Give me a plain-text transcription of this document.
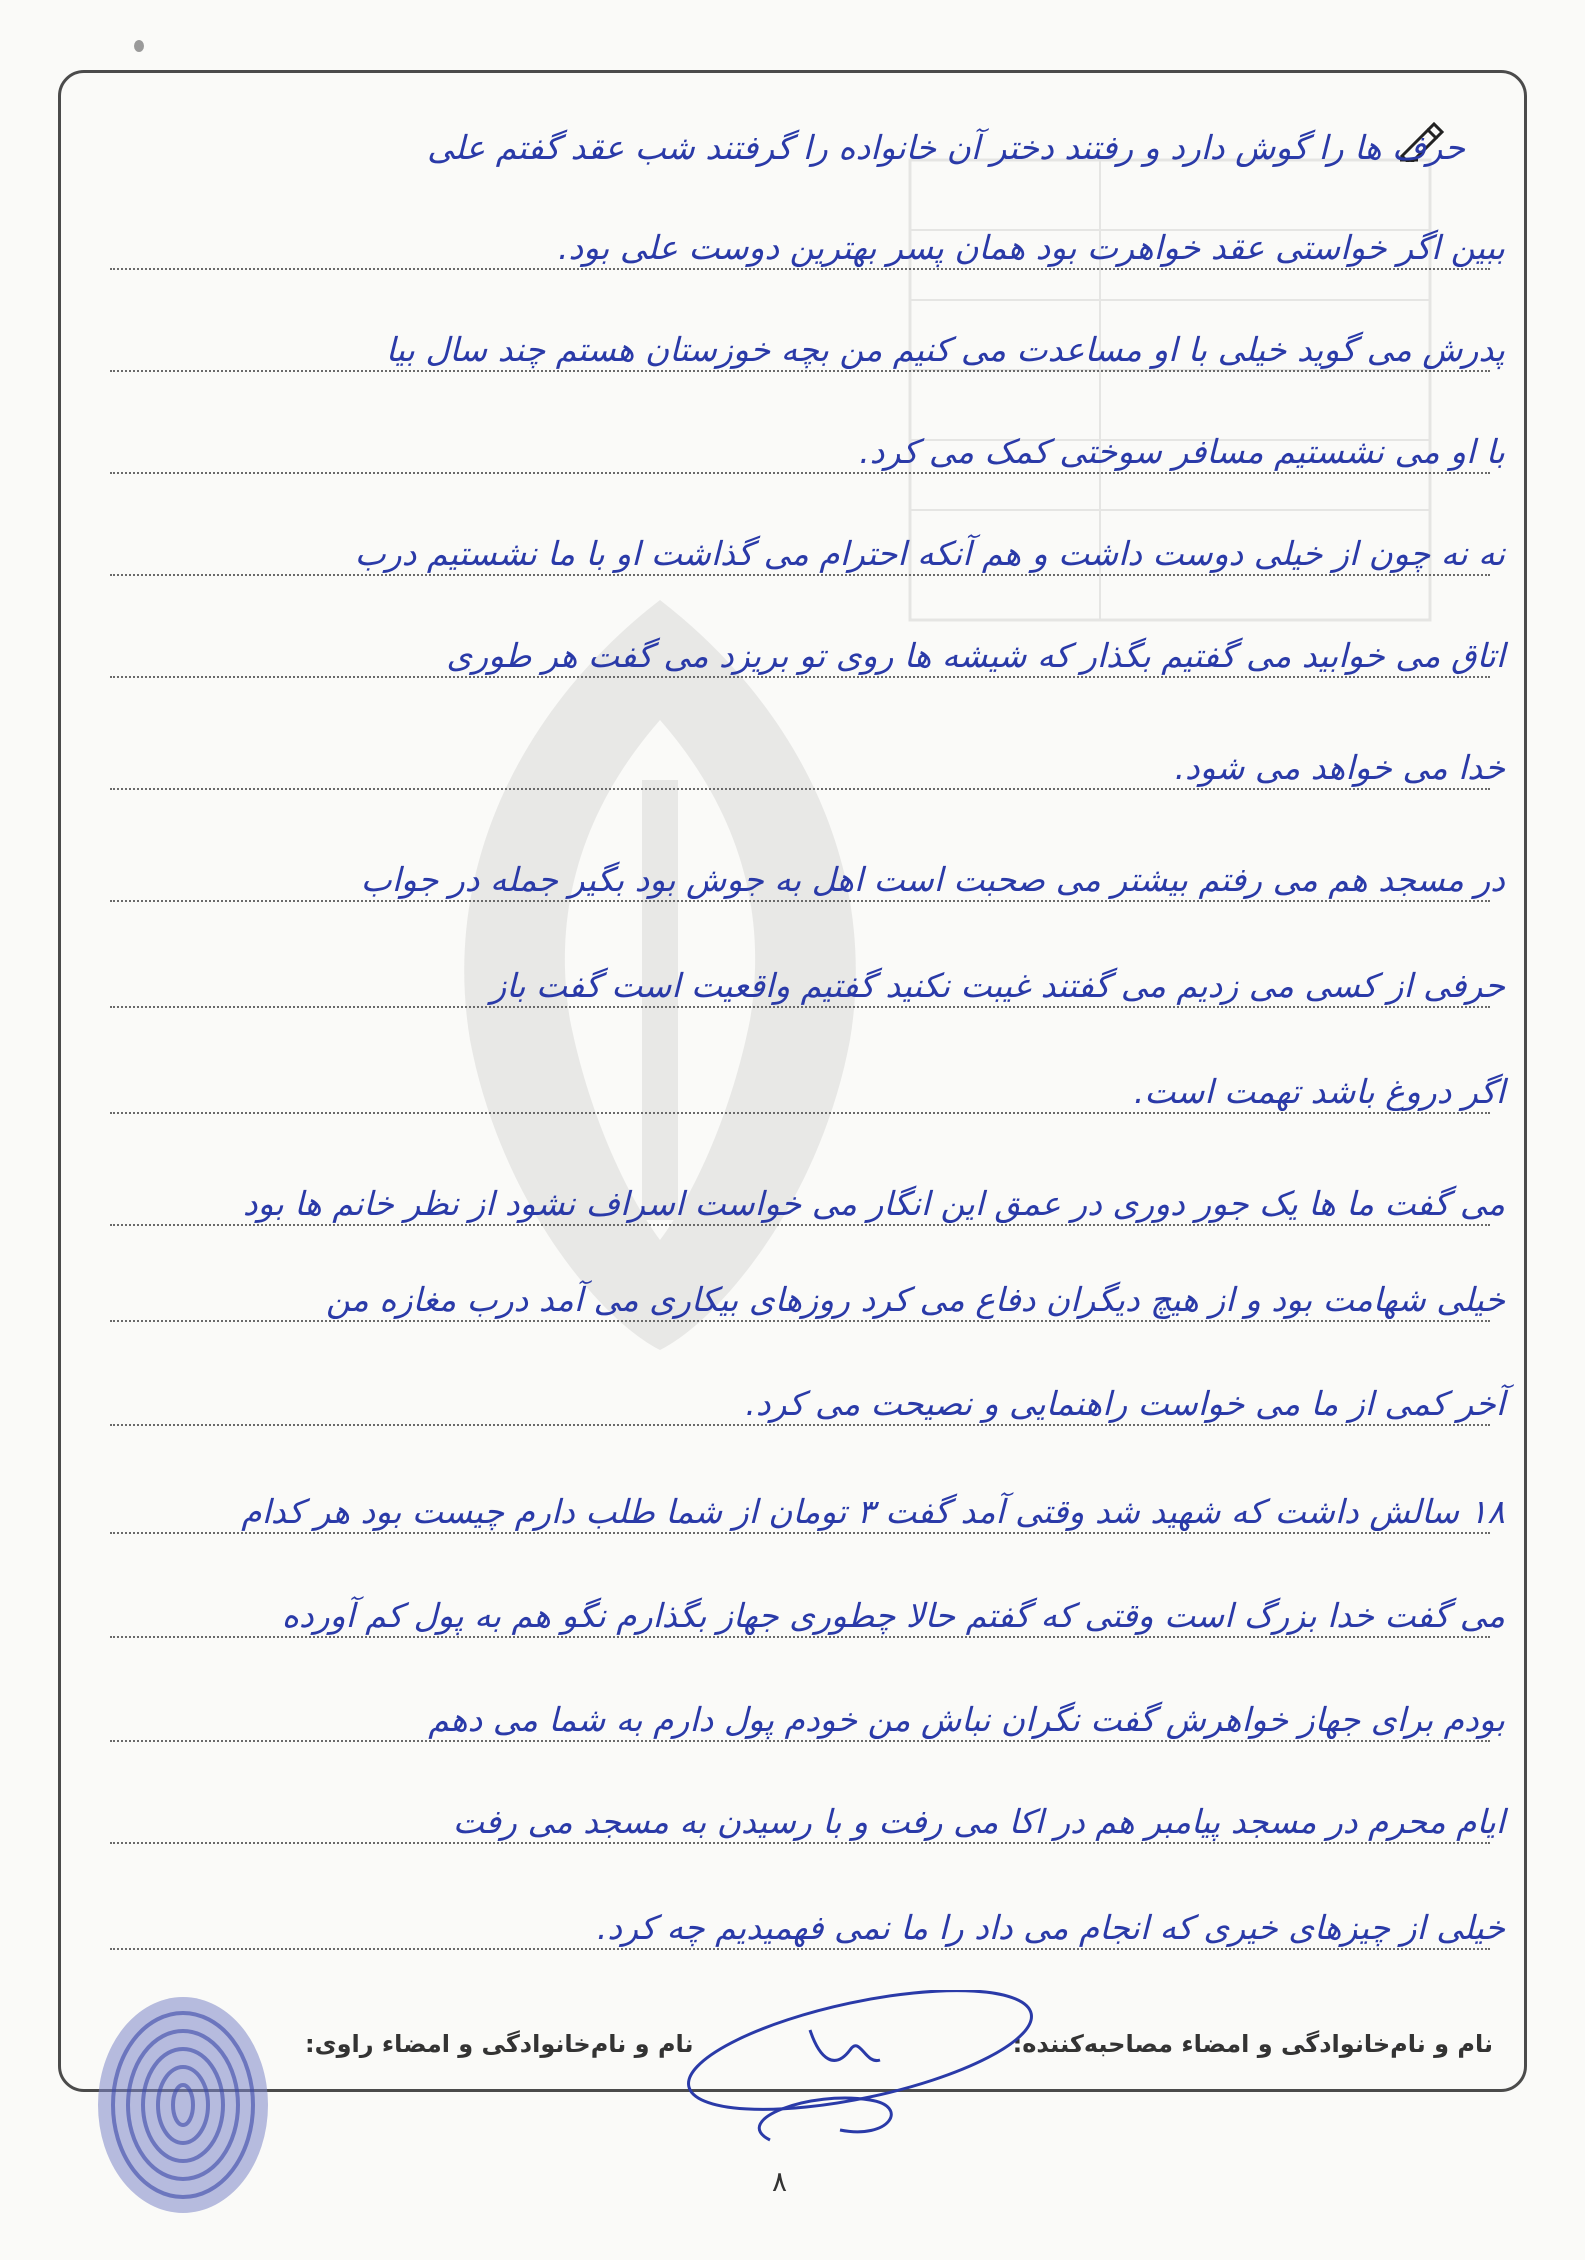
حرف ها را گوش دارد و رفتند دختر آن خانواده را گرفتند شب عقد گفتم علی
ببین اگر خواستی عقد خواهرت بود همان پسر بهترین دوست علی بود.
پدرش می گوید خیلی با او مساعدت می کنیم من بچه خوزستان هستم چند سال بیا
با او می نشستیم مسافر سوختی کمک می کرد.
نه نه چون از خیلی دوست داشت و هم آنکه احترام می گذاشت او با ما نشستیم درب
اتاق می خوابید می گفتیم بگذار که شیشه ها روی تو بریزد می گفت هر طوری
خدا می خواهد می شود.
در مسجد هم می رفتم بیشتر می صحبت است اهل به جوش بود بگیر جمله در جواب
حرفی از کسی می زدیم می گفتند غیبت نکنید گفتیم واقعیت است گفت باز
اگر دروغ باشد تهمت است.
می گفت ما ها یک جور دوری در عمق این انگار می خواست اسراف نشود از نظر خانم ها بود
خیلی شهامت بود و از هیچ دیگران دفاع می کرد روزهای بیکاری می آمد درب مغازه من
آخر کمی از ما می خواست راهنمایی و نصیحت می کرد.
۱۸ سالش داشت که شهید شد وقتی آمد گفت ۳ تومان از شما طلب دارم چیست بود هر کدام
می گفت خدا بزرگ است وقتی که گفتم حالا چطوری جهاز بگذارم نگو هم به پول کم آورده
بودم برای جهاز خواهرش گفت نگران نباش من خودم پول دارم به شما می دهم
ایام محرم در مسجد پیامبر هم در اکا می رفت و با رسیدن به مسجد می رفت
خیلی از چیزهای خیری که انجام می داد را ما نمی فهمیدیم چه کرد.
نام و نام‌خانوادگی و امضاء مصاحبه‌کننده:
نام و نام‌خانوادگی و امضاء راوی:
۸
